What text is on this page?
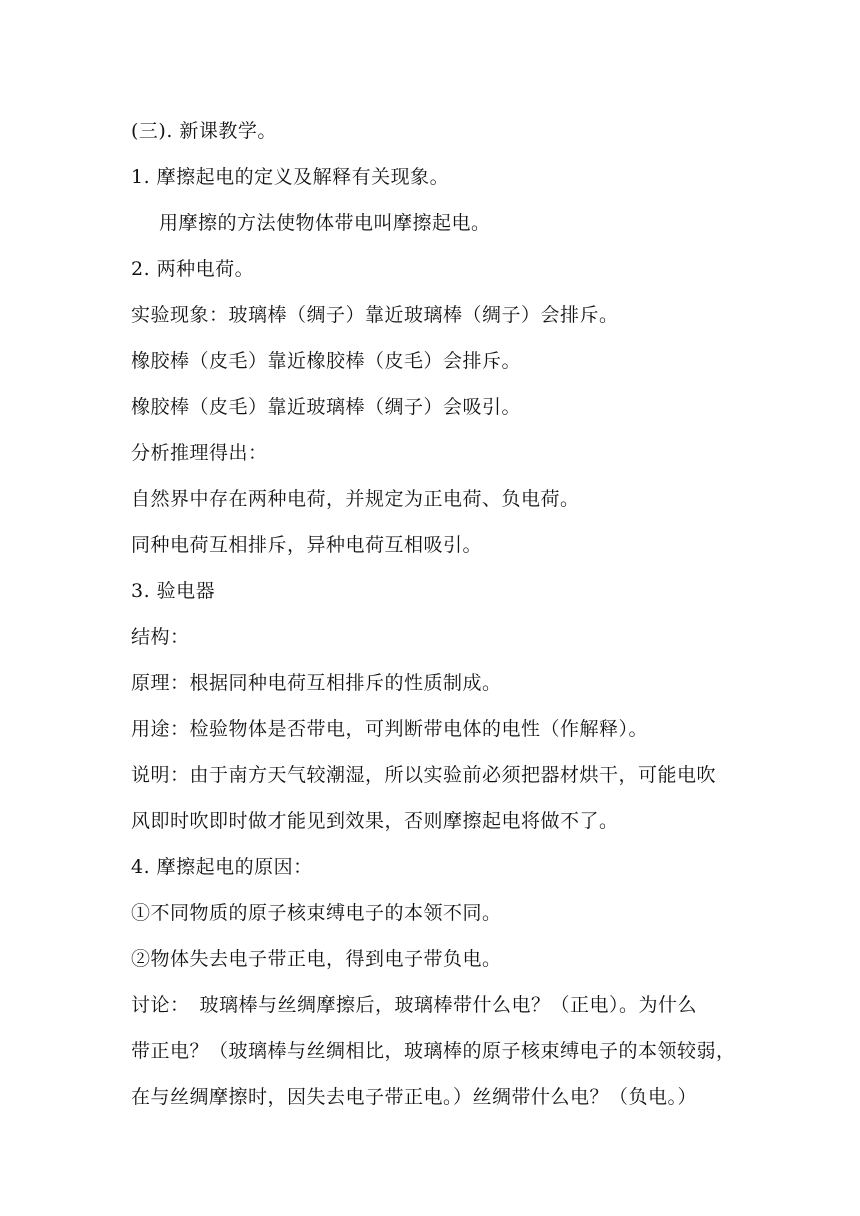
(三). 新课教学。
1. 摩擦起电的定义及解释有关现象。
用摩擦的方法使物体带电叫摩擦起电。
2. 两种电荷。
实验现象：玻璃棒（绸子）靠近玻璃棒（绸子）会排斥。
橡胶棒（皮毛）靠近橡胶棒（皮毛）会排斥。
橡胶棒（皮毛）靠近玻璃棒（绸子）会吸引。
分析推理得出：
自然界中存在两种电荷，并规定为正电荷、负电荷。
同种电荷互相排斥，异种电荷互相吸引。
3. 验电器
结构：
原理：根据同种电荷互相排斥的性质制成。
用途：检验物体是否带电，可判断带电体的电性（作解释）。
说明：由于南方天气较潮湿，所以实验前必须把器材烘干，可能电吹
风即时吹即时做才能见到效果，否则摩擦起电将做不了。
4. 摩擦起电的原因：
①不同物质的原子核束缚电子的本领不同。
②物体失去电子带正电，得到电子带负电。
讨论：　玻璃棒与丝绸摩擦后，玻璃棒带什么电？（正电）。为什么
带正电？（玻璃棒与丝绸相比，玻璃棒的原子核束缚电子的本领较弱，
在与丝绸摩擦时，因失去电子带正电。）丝绸带什么电？（负电。）
